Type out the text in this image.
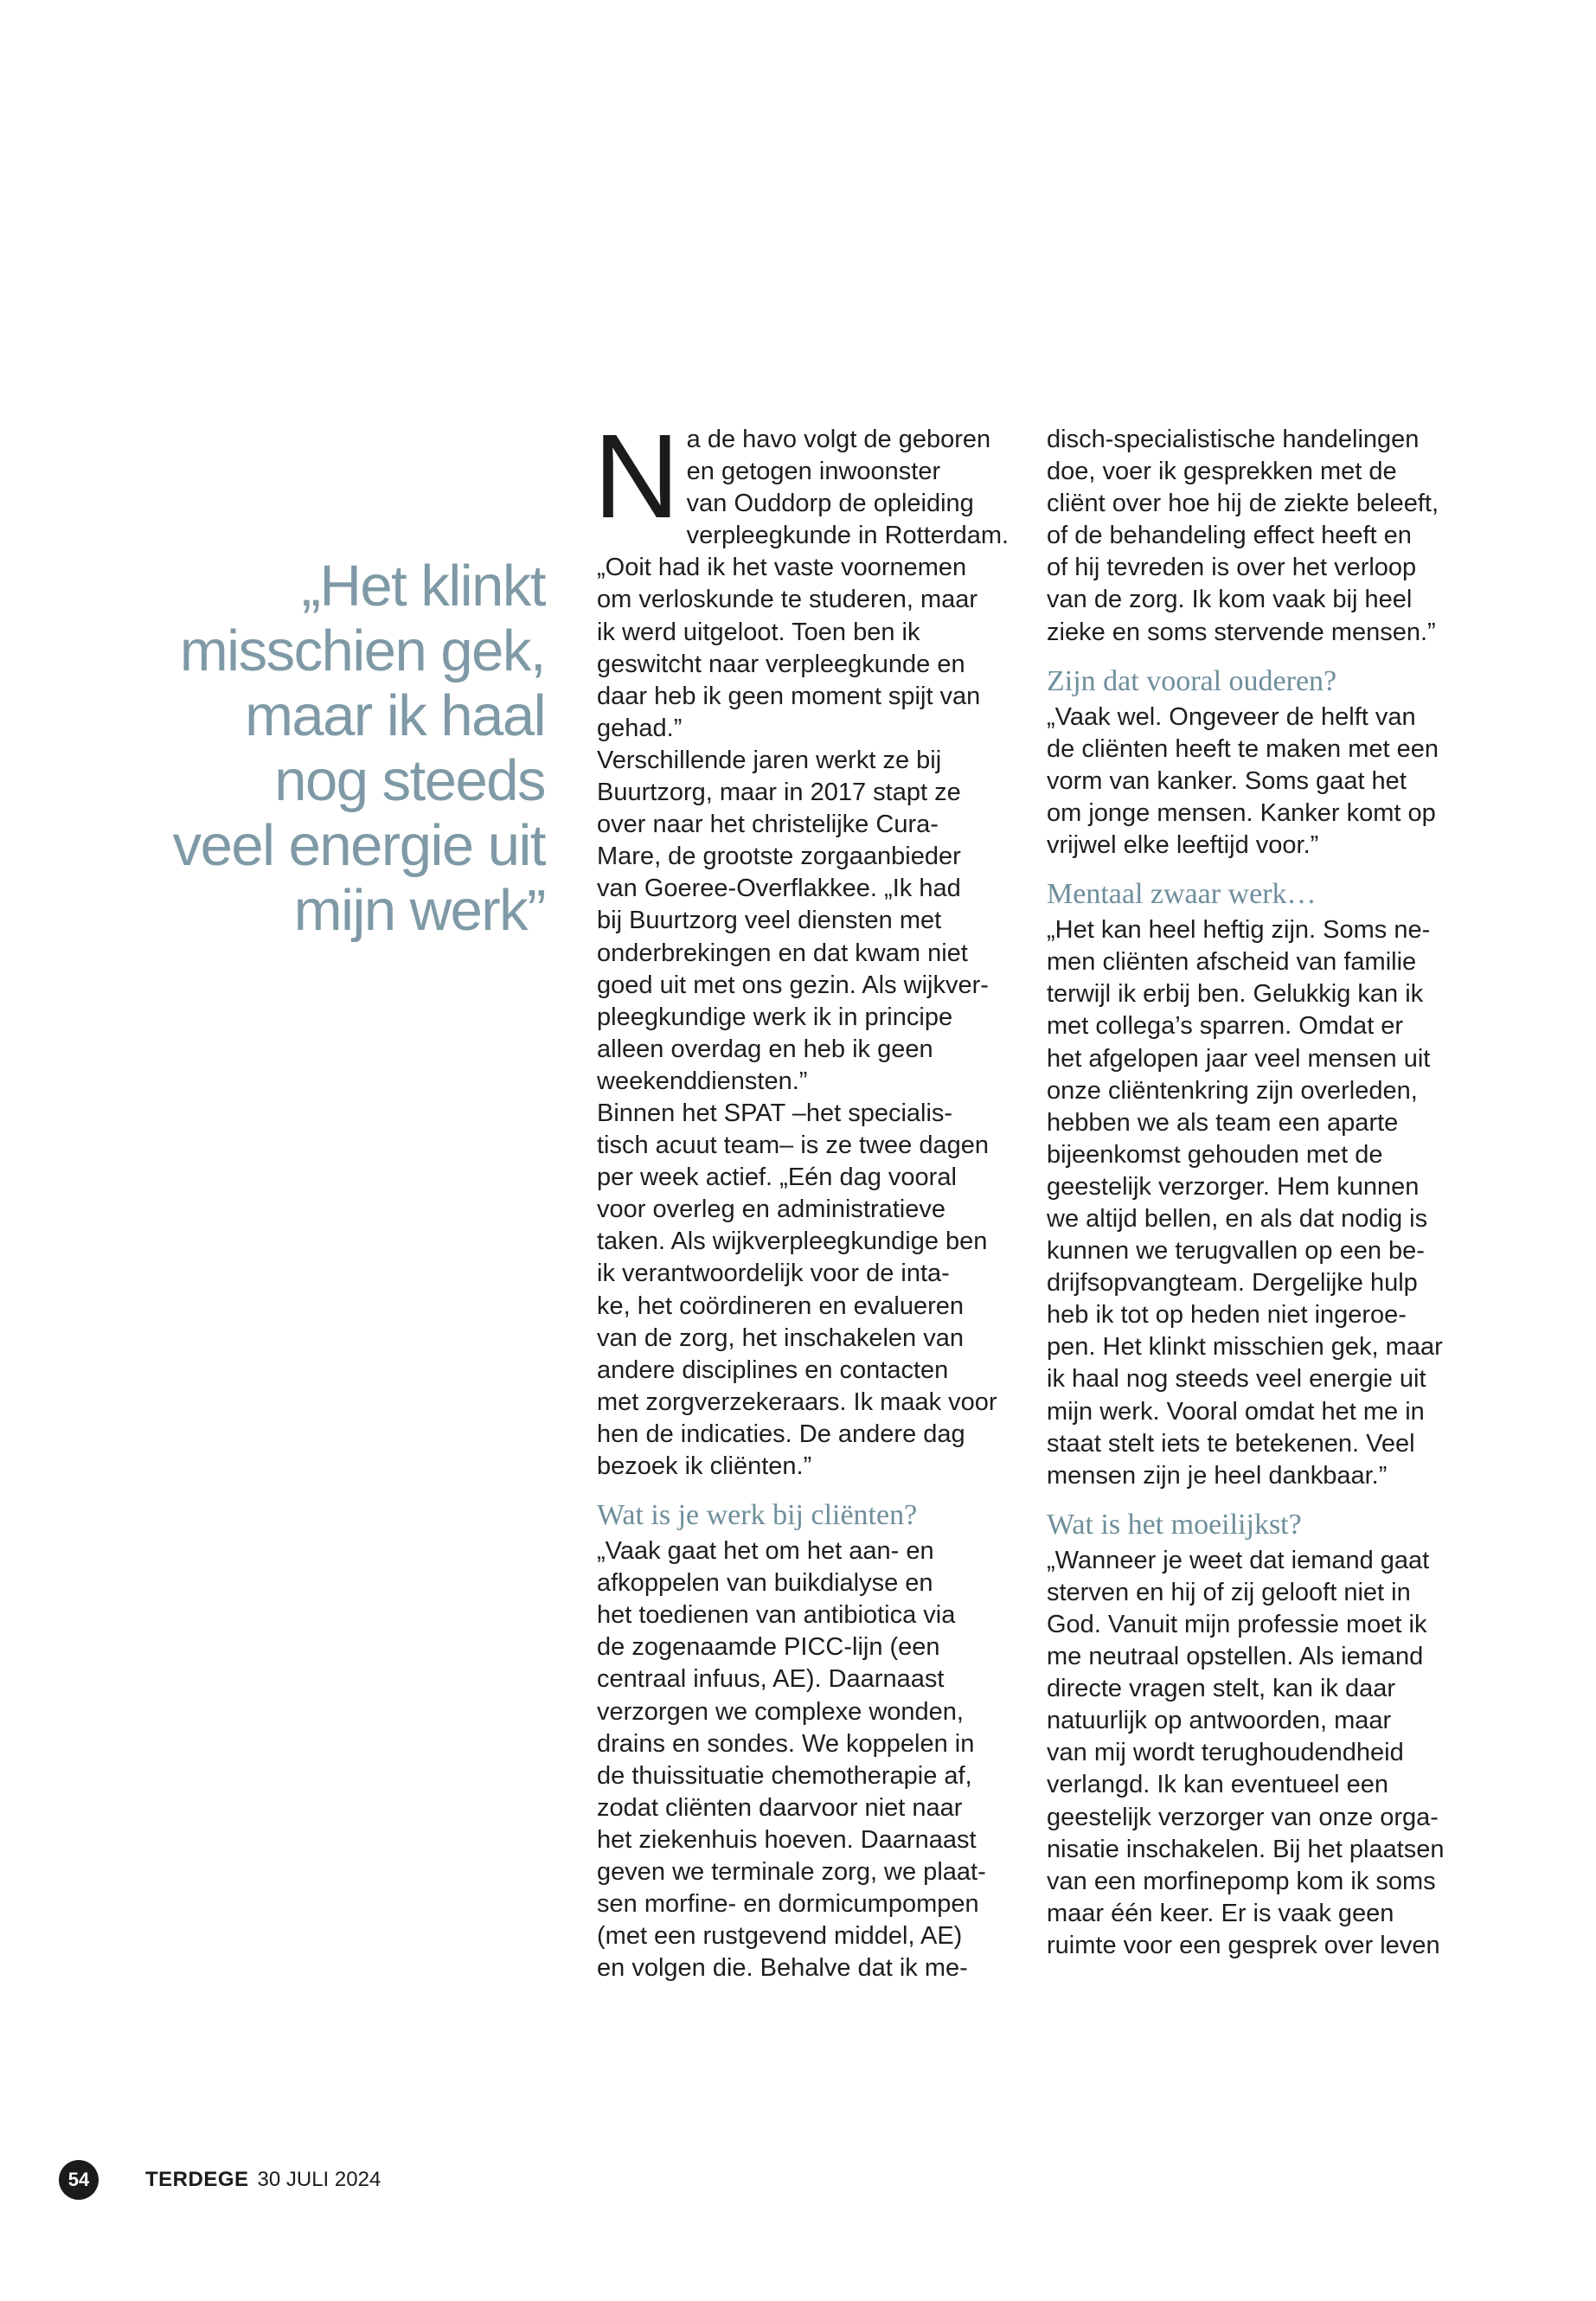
„Het klinkt
misschien gek,
maar ik haal
nog steeds
veel energie uit
mijn werk”
N a de havo volgt de geboren
en getogen inwoonster
van Ouddorp de opleiding
verpleegkunde in Rotterdam.
„Ooit had ik het vaste voornemen
om verloskunde te studeren, maar
ik werd uitgeloot. Toen ben ik
geswitcht naar verpleegkunde en
daar heb ik geen moment spijt van
gehad.”
Verschillende jaren werkt ze bij
Buurtzorg, maar in 2017 stapt ze
over naar het christelijke Cura-
Mare, de grootste zorgaanbieder
van Goeree-Overflakkee. „Ik had
bij Buurtzorg veel diensten met
onderbrekingen en dat kwam niet
goed uit met ons gezin. Als wijkver-
pleegkundige werk ik in principe
alleen overdag en heb ik geen
weekenddiensten.”
Binnen het SPAT –het specialis-
tisch acuut team– is ze twee dagen
per week actief. „Eén dag vooral
voor overleg en administratieve
taken. Als wijkverpleegkundige ben
ik verantwoordelijk voor de inta-
ke, het coördineren en evalueren
van de zorg, het inschakelen van
andere disciplines en contacten
met zorgverzekeraars. Ik maak voor
hen de indicaties. De andere dag
bezoek ik cliënten.”
Wat is je werk bij cliënten?
„Vaak gaat het om het aan- en
afkoppelen van buikdialyse en
het toedienen van antibiotica via
de zogenaamde PICC-lijn (een
centraal infuus, AE). Daarnaast
verzorgen we complexe wonden,
drains en sondes. We koppelen in
de thuissituatie chemotherapie af,
zodat cliënten daarvoor niet naar
het ziekenhuis hoeven. Daarnaast
geven we terminale zorg, we plaat-
sen morfine- en dormicumpompen
(met een rustgevend middel, AE)
en volgen die. Behalve dat ik me-
disch-specialistische handelingen
doe, voer ik gesprekken met de
cliënt over hoe hij de ziekte beleeft,
of de behandeling effect heeft en
of hij tevreden is over het verloop
van de zorg. Ik kom vaak bij heel
zieke en soms stervende mensen.”
Zijn dat vooral ouderen?
„Vaak wel. Ongeveer de helft van
de cliënten heeft te maken met een
vorm van kanker. Soms gaat het
om jonge mensen. Kanker komt op
vrijwel elke leeftijd voor.”
Mentaal zwaar werk…
„Het kan heel heftig zijn. Soms ne-
men cliënten afscheid van familie
terwijl ik erbij ben. Gelukkig kan ik
met collega’s sparren. Omdat er
het afgelopen jaar veel mensen uit
onze cliëntenkring zijn overleden,
hebben we als team een aparte
bijeenkomst gehouden met de
geestelijk verzorger. Hem kunnen
we altijd bellen, en als dat nodig is
kunnen we terugvallen op een be-
drijfsopvangteam. Dergelijke hulp
heb ik tot op heden niet ingeroe-
pen. Het klinkt misschien gek, maar
ik haal nog steeds veel energie uit
mijn werk. Vooral omdat het me in
staat stelt iets te betekenen. Veel
mensen zijn je heel dankbaar.”
Wat is het moeilijkst?
„Wanneer je weet dat iemand gaat
sterven en hij of zij gelooft niet in
God. Vanuit mijn professie moet ik
me neutraal opstellen. Als iemand
directe vragen stelt, kan ik daar
natuurlijk op antwoorden, maar
van mij wordt terughoudendheid
verlangd. Ik kan eventueel een
geestelijk verzorger van onze orga-
nisatie inschakelen. Bij het plaatsen
van een morfinepomp kom ik soms
maar één keer. Er is vaak geen
ruimte voor een gesprek over leven
54	TERDEGE 30 JULI 2024
